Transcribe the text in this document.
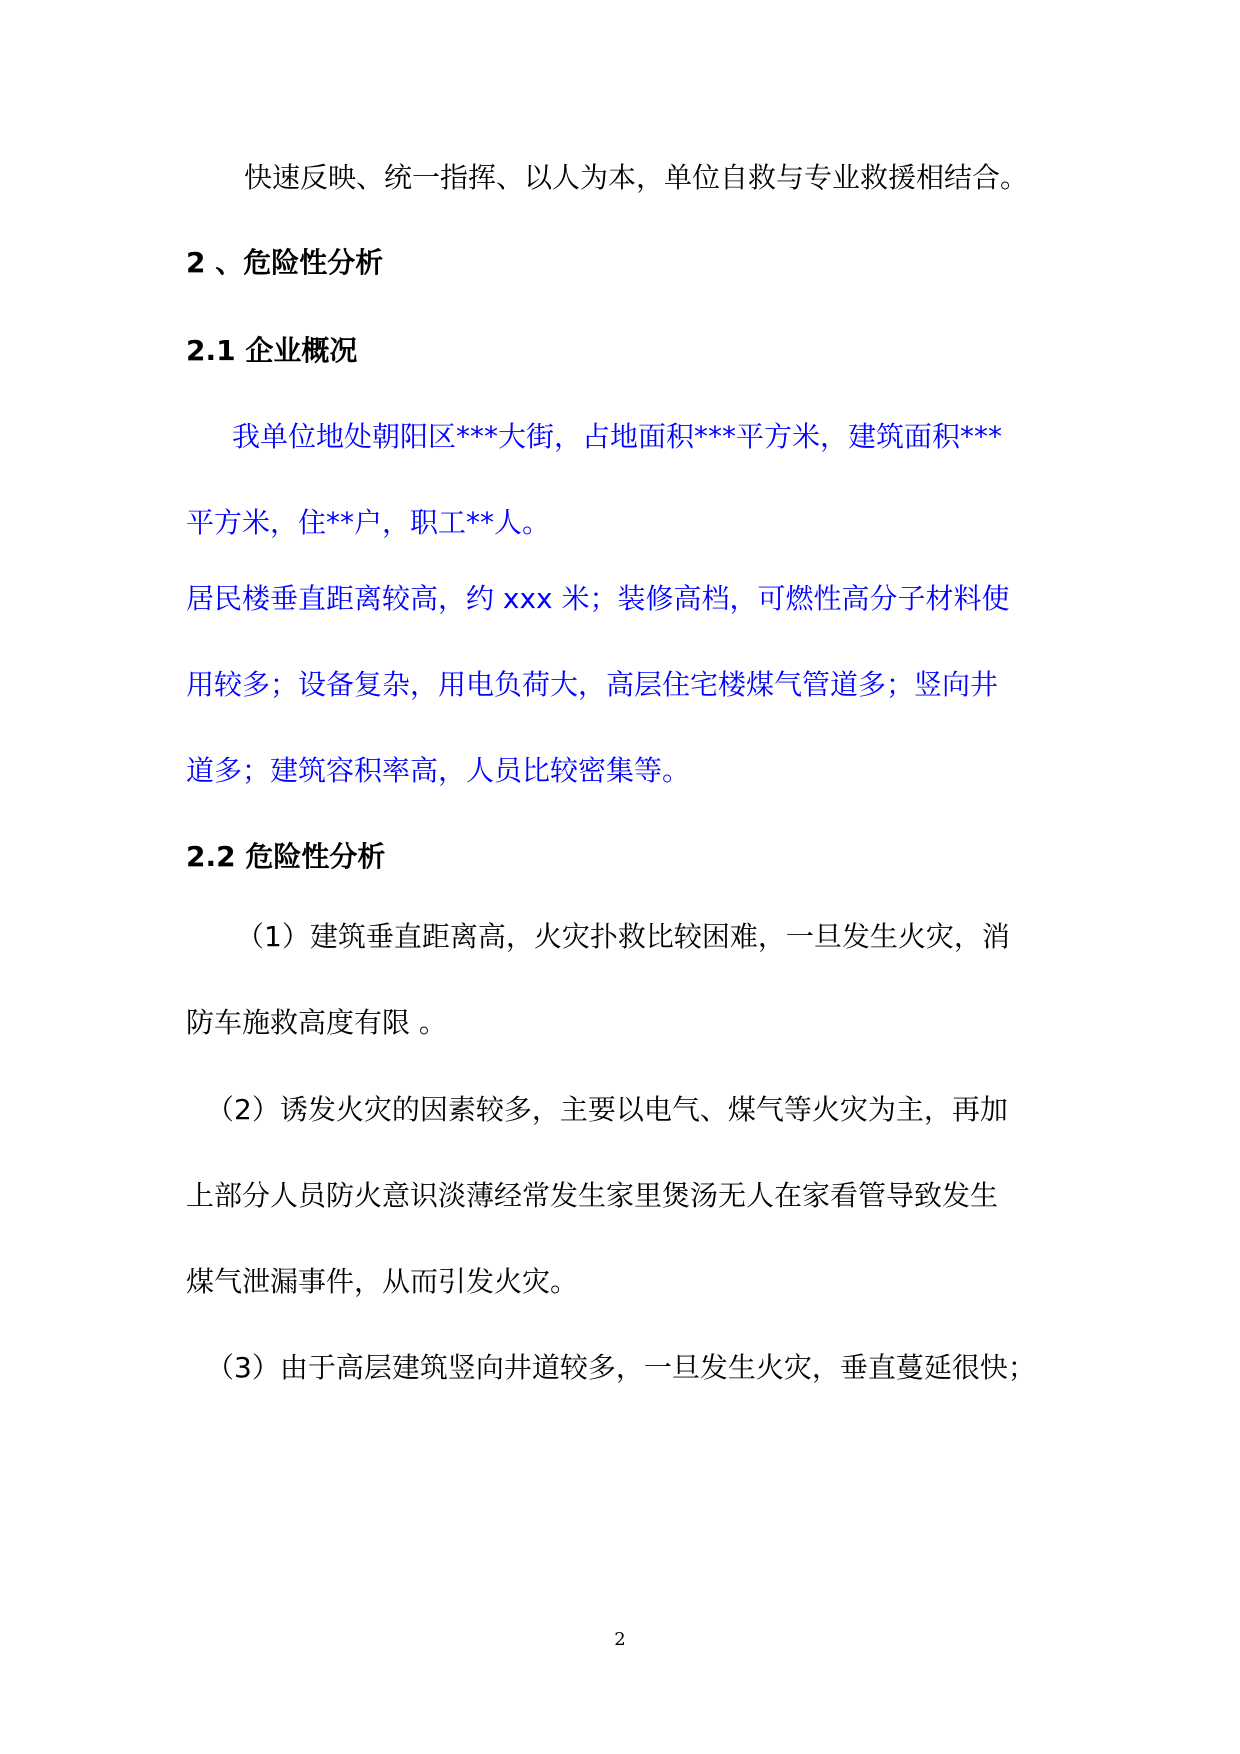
快速反映、统一指挥、以人为本，单位自救与专业救援相结合。

2 、危险性分析

2.1 企业概况

我单位地处朝阳区***大街，占地面积***平方米，建筑面积***

平方米，住**户，职工**人。

居民楼垂直距离较高，约 xxx 米；装修高档，可燃性高分子材料使

用较多；设备复杂，用电负荷大，高层住宅楼煤气管道多；竖向井

道多；建筑容积率高，人员比较密集等。

2.2 危险性分析

（1）建筑垂直距离高，火灾扑救比较困难，一旦发生火灾，消

防车施救高度有限 。

（2）诱发火灾的因素较多，主要以电气、煤气等火灾为主，再加

上部分人员防火意识淡薄经常发生家里煲汤无人在家看管导致发生

煤气泄漏事件，从而引发火灾。

（3）由于高层建筑竖向井道较多，一旦发生火灾，垂直蔓延很快；

2
